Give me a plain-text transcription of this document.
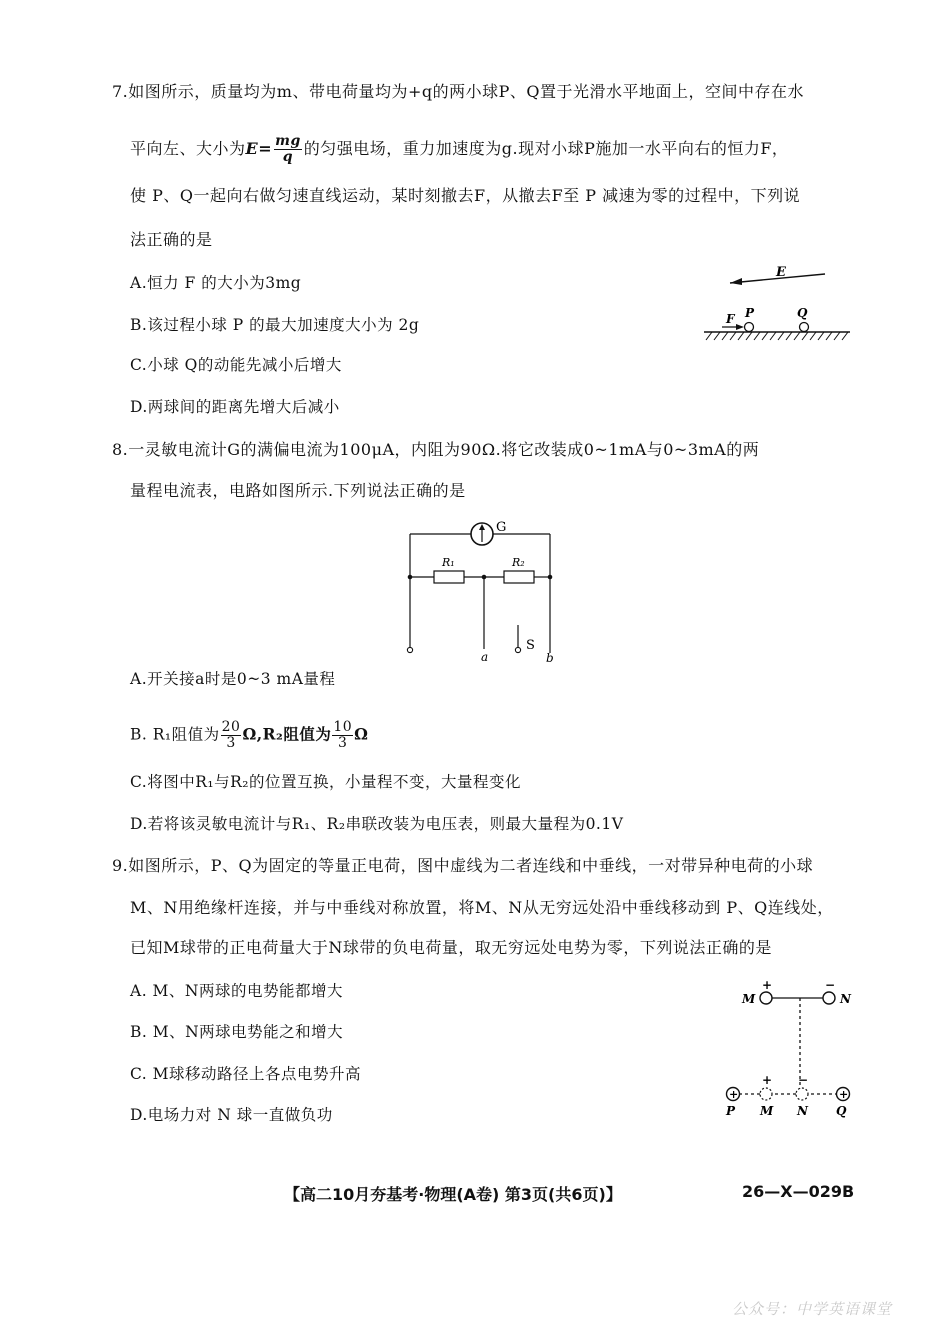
7.如图所示，质量均为m、带电荷量均为+q的两小球P、Q置于光滑水平地面上，空间中存在水
平向左、大小为$E= \frac{mg}{q}$ 的匀强电场，重力加速度为g.现对小球P施加一水平向右的恒力F，
使 P、Q一起向右做匀速直线运动，某时刻撤去F，从撤去F至 P 减速为零的过程中，下列说
法正确的是
A.恒力 F 的大小为3mg
B.该过程小球 P 的最大加速度大小为 2g
C.小球 Q的动能先减小后增大
D.两球间的距离先增大后减小
E
F P	Q
8.一灵敏电流计G的满偏电流为100μA，内阻为90Ω.将它改装成0~1mA与0~3mA的两
量程电流表，电路如图所示.下列说法正确的是
G
R₁	R₂
S
a	b
A.开关接a时是0~3 mA量程
B. R₁阻值为 $\frac{20}{3} \Omega,R_2$阻值为 $\frac{10}{3}$ Ω
C.将图中R₁与R₂的位置互换，小量程不变，大量程变化
D.若将该灵敏电流计与R₁、R₂串联改装为电压表，则最大量程为0.1V
9.如图所示，P、Q为固定的等量正电荷，图中虚线为二者连线和中垂线，一对带异种电荷的小球
M、N用绝缘杆连接，并与中垂线对称放置，将M、N从无穷远处沿中垂线移动到 P、Q连线处，
已知M球带的正电荷量大于N球带的负电荷量，取无穷远处电势为零，下列说法正确的是
A. M、N两球的电势能都增大
B. M、N两球电势能之和增大
C. M球移动路径上各点电势升高
D.电场力对 N 球一直做负功
+	−
M	N
+	+
P	Q
+ −
M N
【高二10月夯基考·物理(A卷) 第3页(共6页)】	26—X—029B
公众号：中学英语课堂
